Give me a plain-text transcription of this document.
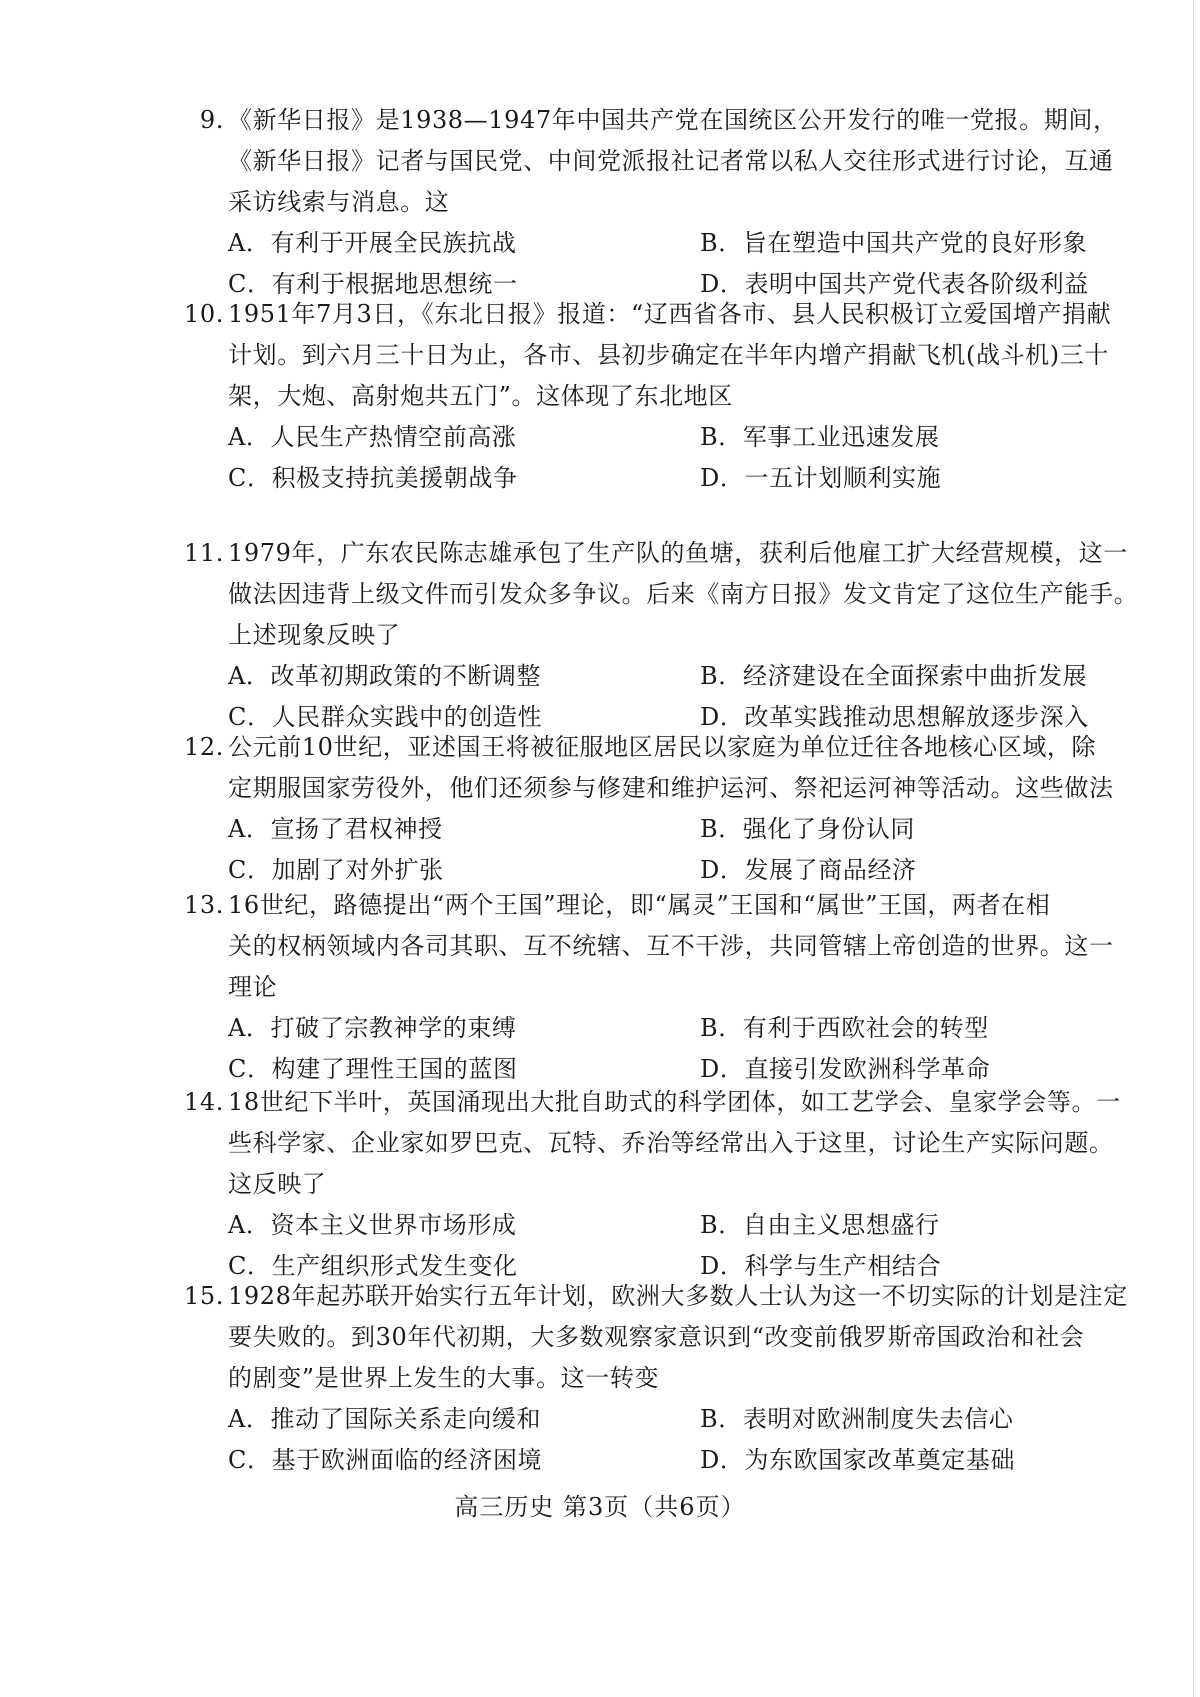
9. 《新华日报》是1938—1947年中国共产党在国统区公开发行的唯一党报。期间，
《新华日报》记者与国民党、中间党派报社记者常以私人交往形式进行讨论，互通
采访线索与消息。这
A．有利于开展全民族抗战	B．旨在塑造中国共产党的良好形象
C．有利于根据地思想统一	D．表明中国共产党代表各阶级利益
10. 1951年7月3日，《东北日报》报道：“辽西省各市、县人民积极订立爱国增产捐献
计划。到六月三十日为止，各市、县初步确定在半年内增产捐献飞机(战斗机)三十
架，大炮、高射炮共五门”。这体现了东北地区
A．人民生产热情空前高涨	B．军事工业迅速发展
C．积极支持抗美援朝战争	D．一五计划顺利实施
11. 1979年，广东农民陈志雄承包了生产队的鱼塘，获利后他雇工扩大经营规模，这一
做法因违背上级文件而引发众多争议。后来《南方日报》发文肯定了这位生产能手。
上述现象反映了
A．改革初期政策的不断调整	B．经济建设在全面探索中曲折发展
C．人民群众实践中的创造性	D．改革实践推动思想解放逐步深入
12. 公元前10世纪，亚述国王将被征服地区居民以家庭为单位迁往各地核心区域，除
定期服国家劳役外，他们还须参与修建和维护运河、祭祀运河神等活动。这些做法
A．宣扬了君权神授	B．强化了身份认同
C．加剧了对外扩张	D．发展了商品经济
13. 16世纪，路德提出“两个王国”理论，即“属灵”王国和“属世”王国，两者在相
关的权柄领域内各司其职、互不统辖、互不干涉，共同管辖上帝创造的世界。这一
理论
A．打破了宗教神学的束缚	B．有利于西欧社会的转型
C．构建了理性王国的蓝图	D．直接引发欧洲科学革命
14. 18世纪下半叶，英国涌现出大批自助式的科学团体，如工艺学会、皇家学会等。一
些科学家、企业家如罗巴克、瓦特、乔治等经常出入于这里，讨论生产实际问题。
这反映了
A．资本主义世界市场形成	B．自由主义思想盛行
C．生产组织形式发生变化	D．科学与生产相结合
15. 1928年起苏联开始实行五年计划，欧洲大多数人士认为这一不切实际的计划是注定
要失败的。到30年代初期，大多数观察家意识到“改变前俄罗斯帝国政治和社会
的剧变”是世界上发生的大事。这一转变
A．推动了国际关系走向缓和	B．表明对欧洲制度失去信心
C．基于欧洲面临的经济困境	D．为东欧国家改革奠定基础
高三历史 第3页（共6页）
